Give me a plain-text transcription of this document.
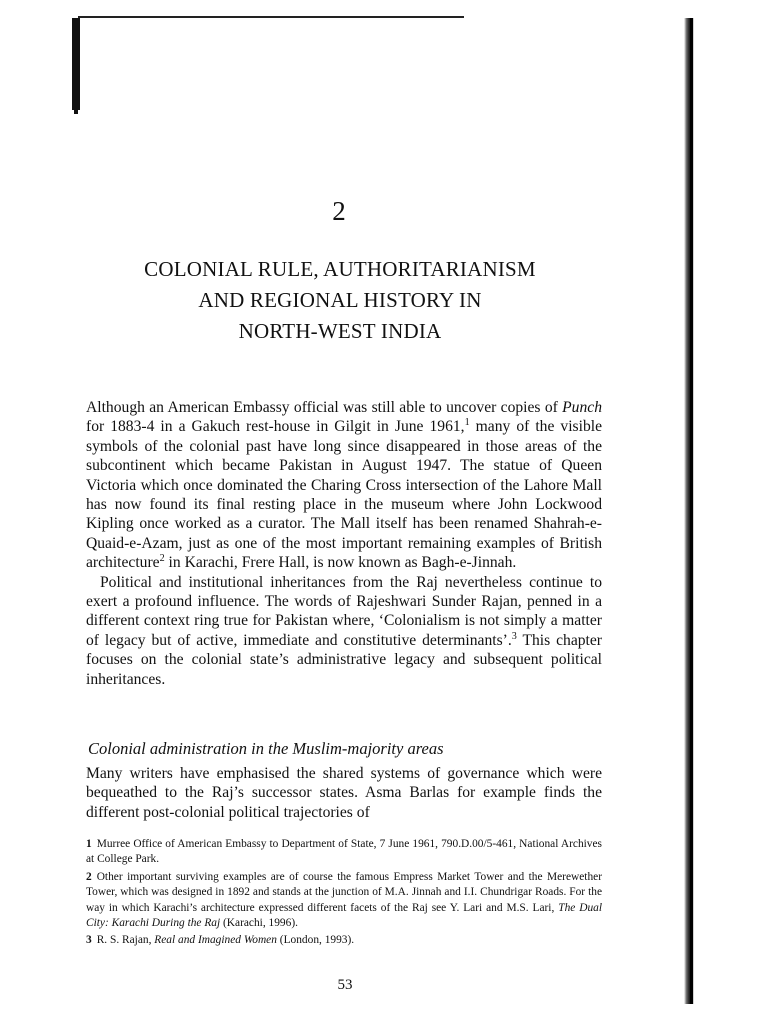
2
COLONIAL RULE, AUTHORITARIANISM
AND REGIONAL HISTORY IN
NORTH-WEST INDIA

Although an American Embassy official was still able to uncover copies of Punch for 1883-4 in a Gakuch rest-house in Gilgit in June 1961,$^1$ many of the visible symbols of the colonial past have long since disappeared in those areas of the subcontinent which became Pakistan in August 1947. The statue of Queen Victoria which once dominated the Charing Cross intersection of the Lahore Mall has now found its final resting place in the museum where John Lockwood Kipling once worked as a curator. The Mall itself has been renamed Shahrah-e-Quaid-e-Azam, just as one of the most important remaining examples of British architecture$^2$ in Karachi, Frere Hall, is now known as Bagh-e-Jinnah.

Political and institutional inheritances from the Raj nevertheless continue to exert a profound influence. The words of Rajeshwari Sunder Rajan, penned in a different context ring true for Pakistan where, ‘Colonialism is not simply a matter of legacy but of active, immediate and constitutive determinants’.$^3$ This chapter focuses on the colonial state’s administrative legacy and subsequent political inheritances.

Colonial administration in the Muslim-majority areas

Many writers have emphasised the shared systems of governance which were bequeathed to the Raj’s successor states. Asma Barlas for example finds the different post-colonial political trajectories of

1 Murree Office of American Embassy to Department of State, 7 June 1961, 790.D.00/5-461, National Archives at College Park.

2 Other important surviving examples are of course the famous Empress Market Tower and the Merewether Tower, which was designed in 1892 and stands at the junction of M.A. Jinnah and I.I. Chundrigar Roads. For the way in which Karachi’s architecture expressed different facets of the Raj see Y. Lari and M.S. Lari, The Dual City: Karachi During the Raj (Karachi, 1996).

3 R. S. Rajan, Real and Imagined Women (London, 1993).

53
